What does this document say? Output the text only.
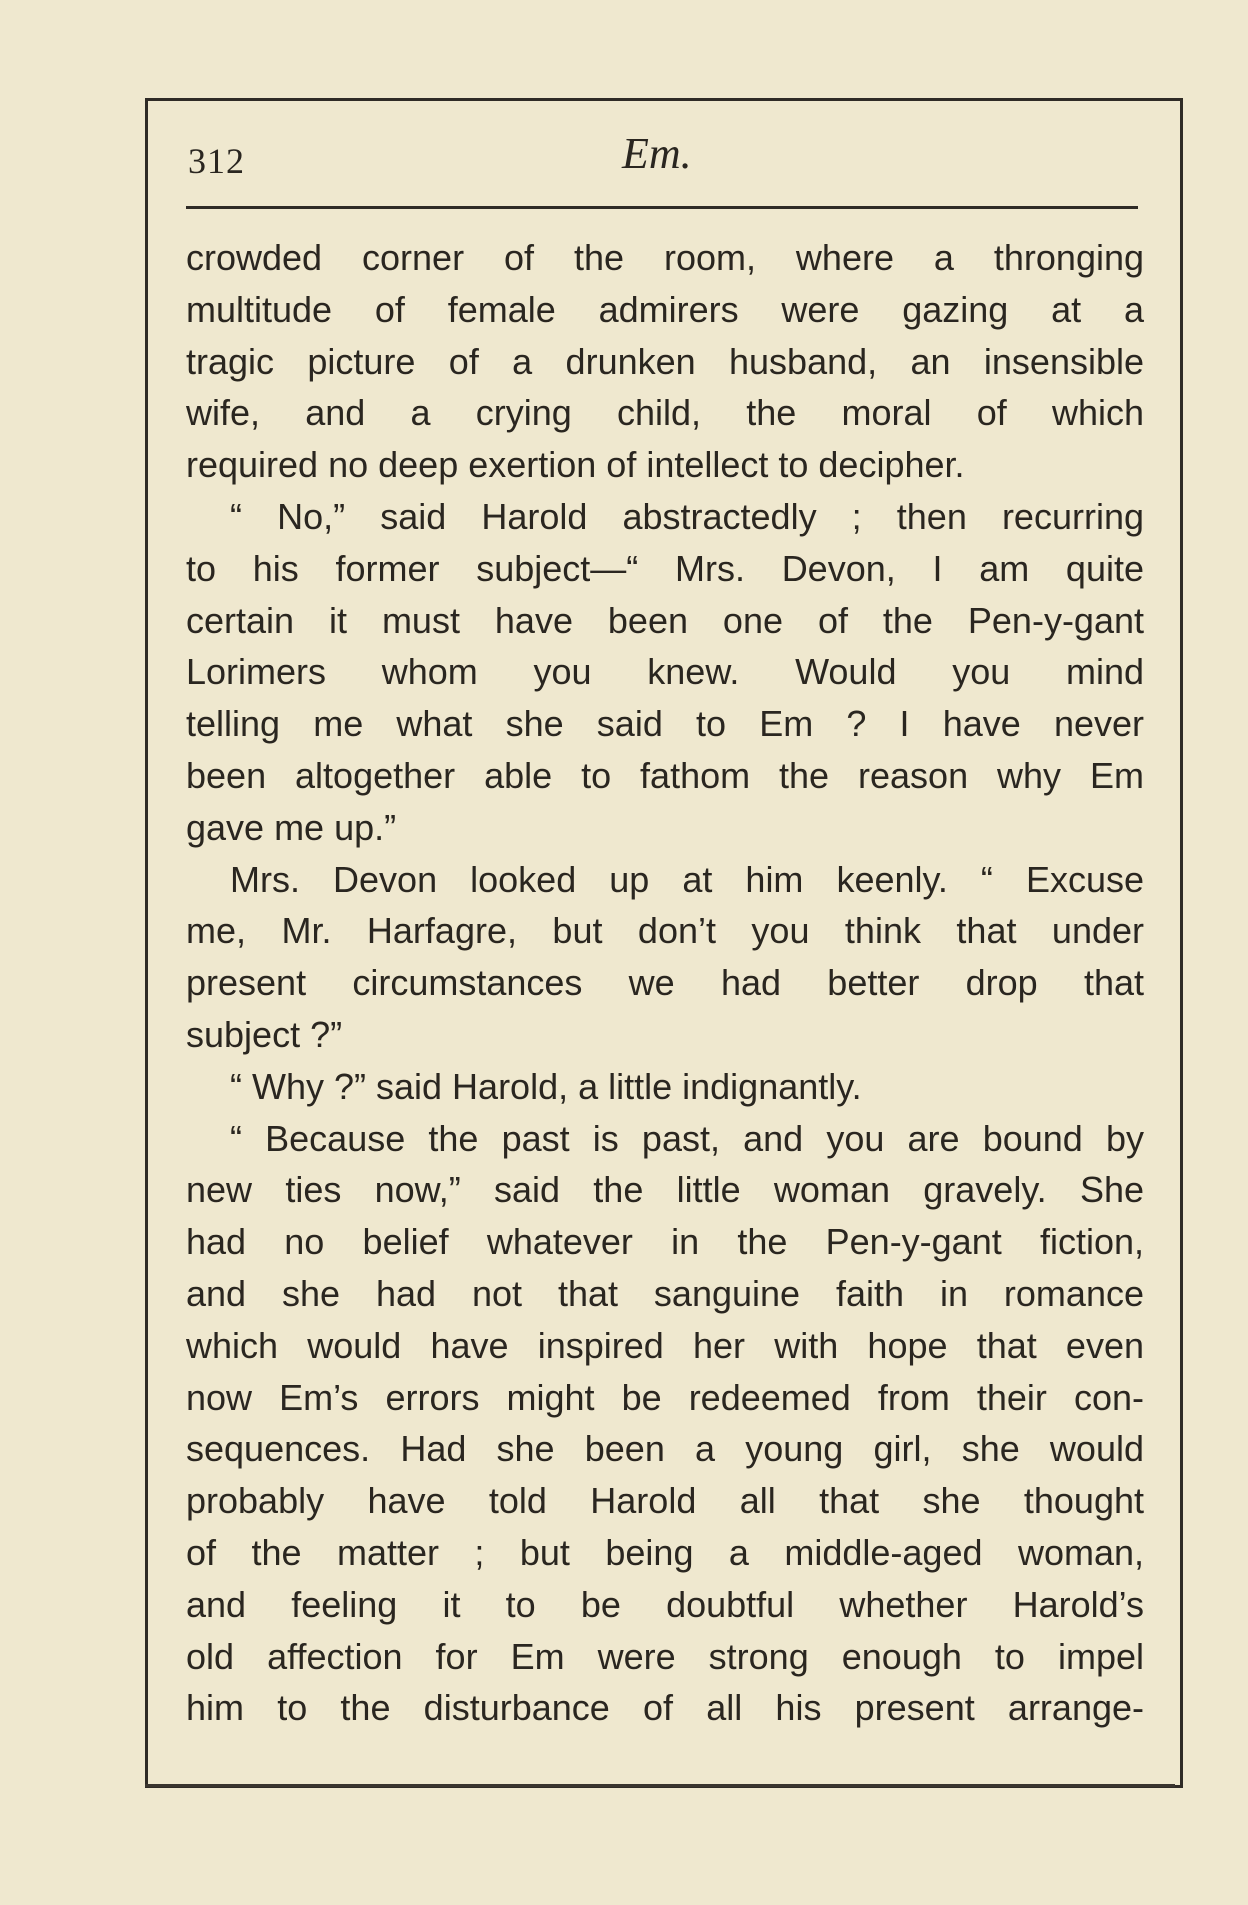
312	Em.
crowded corner of the room, where a thronging
multitude of female admirers were gazing at a
tragic picture of a drunken husband, an insensible
wife, and a crying child, the moral of which
required no deep exertion of intellect to decipher.
“ No,” said Harold abstractedly ; then recurring
to his former subject—“ Mrs. Devon, I am quite
certain it must have been one of the Pen-y-gant
Lorimers whom you knew. Would you mind
telling me what she said to Em ? I have never
been altogether able to fathom the reason why Em
gave me up.”
Mrs. Devon looked up at him keenly. “ Excuse
me, Mr. Harfagre, but don’t you think that under
present circumstances we had better drop that
subject ?”
“ Why ?” said Harold, a little indignantly.
“ Because the past is past, and you are bound by
new ties now,” said the little woman gravely. She
had no belief whatever in the Pen-y-gant fiction,
and she had not that sanguine faith in romance
which would have inspired her with hope that even
now Em’s errors might be redeemed from their con-
sequences. Had she been a young girl, she would
probably have told Harold all that she thought
of the matter ; but being a middle-aged woman,
and feeling it to be doubtful whether Harold’s
old affection for Em were strong enough to impel
him to the disturbance of all his present arrange-
